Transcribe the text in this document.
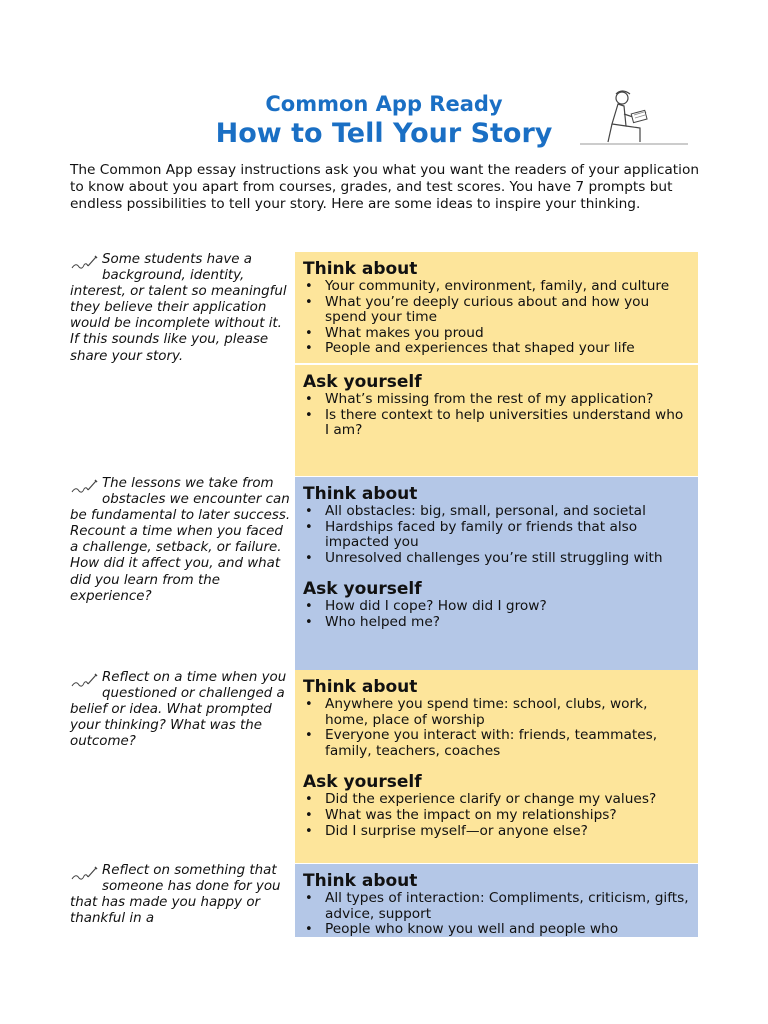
Common App Ready
How to Tell Your Story
The Common App essay instructions ask you what you want the readers of your application to know about you apart from courses, grades, and test scores. You have 7 prompts but endless possibilities to tell your story. Here are some ideas to inspire your thinking.

Some students have a background, identity, interest, or talent so meaningful they believe their application would be incomplete without it. If this sounds like you, please share your story.

Think about
• Your community, environment, family, and culture
• What you’re deeply curious about and how you spend your time
• What makes you proud
• People and experiences that shaped your life
Ask yourself
• What’s missing from the rest of my application?
• Is there context to help universities understand who I am?

The lessons we take from obstacles we encounter can be fundamental to later success. Recount a time when you faced a challenge, setback, or failure. How did it affect you, and what did you learn from the experience?

Think about
• All obstacles: big, small, personal, and societal
• Hardships faced by family or friends that also impacted you
• Unresolved challenges you’re still struggling with
Ask yourself
• How did I cope? How did I grow?
• Who helped me?

Reflect on a time when you questioned or challenged a belief or idea. What prompted your thinking? What was the outcome?

Think about
• Anywhere you spend time: school, clubs, work, home, place of worship
• Everyone you interact with: friends, teammates, family, teachers, coaches
Ask yourself
• Did the experience clarify or change my values?
• What was the impact on my relationships?
• Did I surprise myself—or anyone else?

Reflect on something that someone has done for you that has made you happy or thankful in a

Think about
• All types of interaction: Compliments, criticism, gifts, advice, support
• People who know you well and people who
